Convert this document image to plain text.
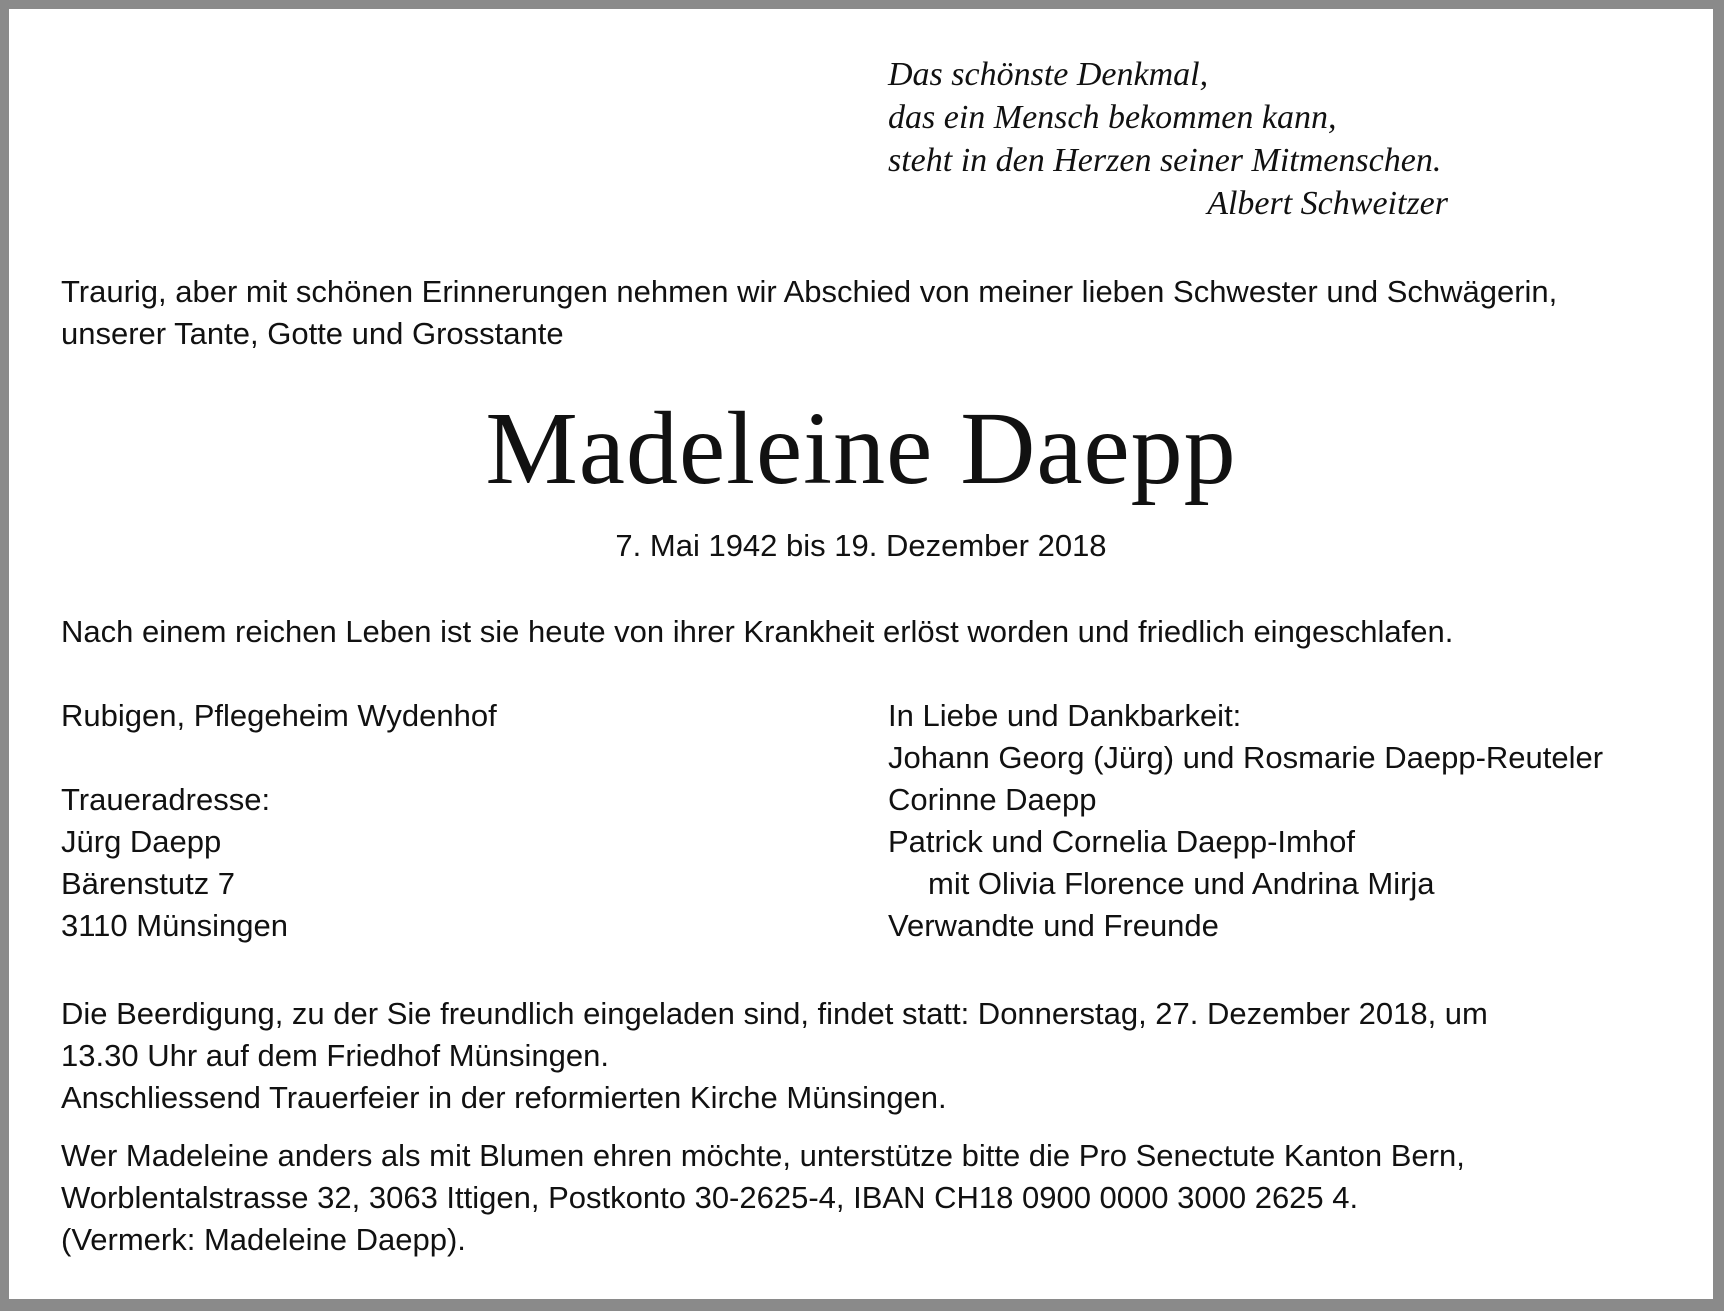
Das schönste Denkmal,
das ein Mensch bekommen kann,
steht in den Herzen seiner Mitmenschen.
Albert Schweitzer
Traurig, aber mit schönen Erinnerungen nehmen wir Abschied von meiner lieben Schwester und Schwägerin,
unserer Tante, Gotte und Grosstante
Madeleine Daepp
7. Mai 1942 bis 19. Dezember 2018
Nach einem reichen Leben ist sie heute von ihrer Krankheit erlöst worden und friedlich eingeschlafen.
Rubigen, Pflegeheim Wydenhof
Traueradresse:
Jürg Daepp
Bärenstutz 7
3110 Münsingen
In Liebe und Dankbarkeit:
Johann Georg (Jürg) und Rosmarie Daepp-Reuteler
Corinne Daepp
Patrick und Cornelia Daepp-Imhof
mit Olivia Florence und Andrina Mirja
Verwandte und Freunde
Die Beerdigung, zu der Sie freundlich eingeladen sind, findet statt: Donnerstag, 27. Dezember 2018, um
13.30 Uhr auf dem Friedhof Münsingen.
Anschliessend Trauerfeier in der reformierten Kirche Münsingen.
Wer Madeleine anders als mit Blumen ehren möchte, unterstütze bitte die Pro Senectute Kanton Bern,
Worblentalstrasse 32, 3063 Ittigen, Postkonto 30-2625-4, IBAN CH18 0900 0000 3000 2625 4.
(Vermerk: Madeleine Daepp).
